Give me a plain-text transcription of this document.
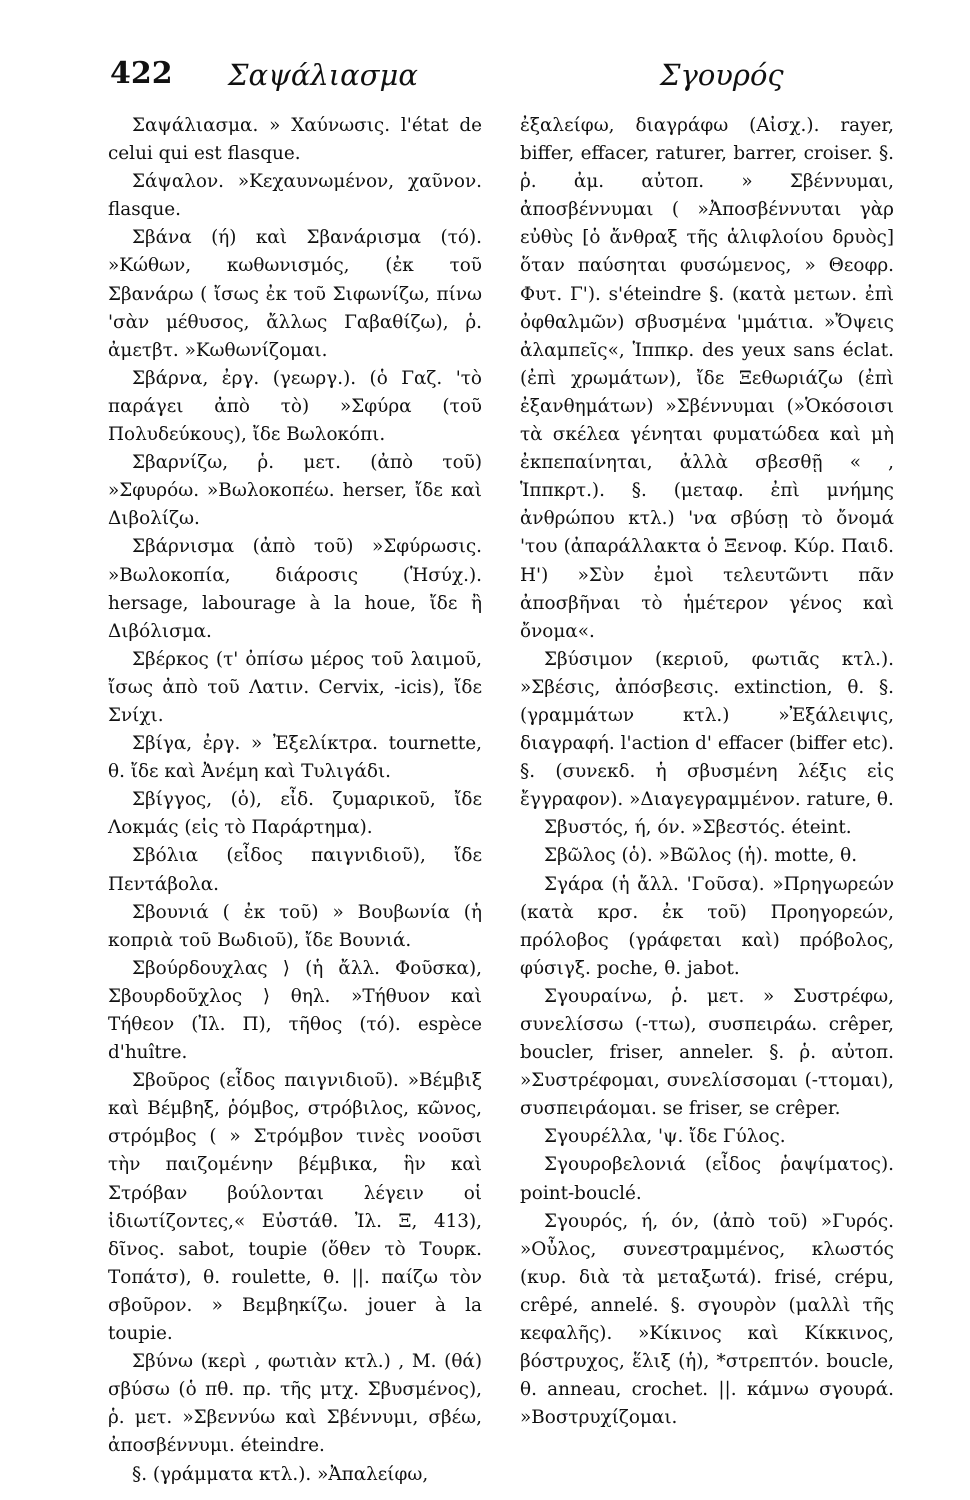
422 Σαψάλιασμα	Σγουρός

Σαψάλιασμα. » Χαύνωσις. l'état de celui qui est flasque.

Σάψαλον. »Κεχαυνωμένον, χαῦνον. flasque.

Σβάνα (ή) καὶ Σβανάρισμα (τό). »Κώθων, κωθωνισμός, (ἐκ τοῦ Σβανάρω ( ἴσως ἐκ τοῦ Σιφωνίζω, πίνω 'σὰν μέθυσος, ἄλλως Γαβαθίζω), ῥ. ἀμετβτ. »Κωθωνίζομαι.

Σβάρνα, ἐργ. (γεωργ.). (ὁ Γαζ. 'τὸ παράγει ἀπὸ τὸ) »Σφύρα (τοῦ Πολυδεύκους), ἴδε Βωλοκόπι.

Σβαρνίζω, ῥ. μετ. (ἀπὸ τοῦ) »Σφυρόω. »Βωλοκοπέω. herser, ἴδε καὶ Διβολίζω.

Σβάρνισμα (ἀπὸ τοῦ) »Σφύρωσις. »Βωλοκοπία, διάροσις (Ἡσύχ.). hersage, labourage à la houe, ἴδε ἢ Διβόλισμα.

Σβέρκος (τ' ὀπίσω μέρος τοῦ λαιμοῦ, ἴσως ἀπὸ τοῦ Λατιν. Cervix, -icis), ἴδε Σνίχι.

Σβίγα, ἐργ. » Ἐξελίκτρα. tournette, θ. ἴδε καὶ Ἀνέμη καὶ Τυλιγάδι.

Σβίγγος, (ὁ), εἶδ. ζυμαρικοῦ, ἴδε Λοκμάς (εἰς τὸ Παράρτημα).

Σβόλια (εἶδος παιγνιδιοῦ), ἴδε Πεντάβολα.

Σβουνιά ( ἐκ τοῦ) » Βουβωνία (ἡ κοπριὰ τοῦ Βωδιοῦ), ἴδε Βουνιά.

Σβούρδουχλας ⟩ (ἡ ἄλλ. Φοῦσκα), Σβουρδοῦχλος ⟩ θηλ. »Τήθυον καὶ Τήθεον (Ἰλ. Π), τῆθος (τό). espèce d'huître.

Σβοῦρος (εἶδος παιγνιδιοῦ). »Βέμβιξ καὶ Βέμβηξ, ῥόμβος, στρόβιλος, κῶνος, στρόμβος ( » Στρόμβον τινὲς νοοῦσι τὴν παιζομένην βέμβικα, ἣν καὶ Στρόβαν βούλονται λέγειν οἱ ἰδιωτίζοντες,« Εὐστάθ. Ἰλ. Ξ, 413), δῖνος. sabot, toupie (ὅθεν τὸ Τουρκ. Τοπάτσ), θ. roulette, θ. ||. παίζω τὸν σβοῦρον. » Βεμβηκίζω. jouer à la toupie.

Σβύνω (κερὶ , φωτιὰν κτλ.) , Μ. (θά) σβύσω (ὁ πθ. πρ. τῆς μτχ. Σβυσμένος), ῥ. μετ. »Σβεννύω καὶ Σβέννυμι, σβέω, ἀποσβέννυμι. éteindre.

§. (γράμματα κτλ.). »Ἀπαλείφω,

ἐξαλείφω, διαγράφω (Αἰσχ.). rayer, biffer, effacer, raturer, barrer, croiser. §. ῥ. ἀμ. αὐτοπ. » Σβέννυμαι, ἀποσβέννυμαι ( »Ἀποσβέννυται γὰρ εὐθὺς [ὁ ἄνθραξ τῆς ἁλιφλοίου δρυὸς] ὅταν παύσηται φυσώμενος, » Θεοφρ. Φυτ. Γ'). s'éteindre §. (κατὰ μετων. ἐπὶ ὀφθαλμῶν) σβυσμένα 'μμάτια. »Ὄψεις ἀλαμπεῖς«, Ἱππκρ. des yeux sans éclat. (ἐπὶ χρωμάτων), ἴδε Ξεθωριάζω (ἐπὶ ἐξανθημάτων) »Σβέννυμαι (»Ὁκόσοισι τὰ σκέλεα γένηται φυματώδεα καὶ μὴ ἐκπεπαίνηται, ἀλλὰ σβεσθῇ « , Ἱππκρτ.). §. (μεταφ. ἐπὶ μνήμης ἀνθρώπου κτλ.) 'να σβύσῃ τὸ ὄνομά 'του (ἀπαράλλακτα ὁ Ξενοφ. Κύρ. Παιδ. Η') »Σὺν ἐμοὶ τελευτῶντι πᾶν ἀποσβῆναι τὸ ἡμέτερον γένος καὶ ὄνομα«.

Σβύσιμον (κεριοῦ, φωτιᾶς κτλ.). »Σβέσις, ἀπόσβεσις. extinction, θ. §. (γραμμάτων κτλ.) »Ἐξάλειψις, διαγραφή. l'action d' effacer (biffer etc). §. (συνεκδ. ἡ σβυσμένη λέξις εἰς ἔγγραφον). »Διαγεγραμμένον. rature, θ.

Σβυστός, ή, όν. »Σβεστός. éteint.

Σβῶλος (ὁ). »Βῶλος (ἡ). motte, θ.

Σγάρα (ἡ ἄλλ. 'Γοῦσα). »Πρηγωρεών (κατὰ κρσ. ἐκ τοῦ) Προηγορεών, πρόλοβος (γράφεται καὶ) πρόβολος, φύσιγξ. poche, θ. jabot.

Σγουραίνω, ῥ. μετ. » Συστρέφω, συνελίσσω (-ττω), συσπειράω. crêper, boucler, friser, anneler. §. ῥ. αὐτοπ. »Συστρέφομαι, συνελίσσομαι (-ττομαι), συσπειράομαι. se friser, se crêper.

Σγουρέλλα, 'ψ. ἴδε Γύλος.

Σγουροβελονιά (εἶδος ῥαψίματος). point-bouclé.

Σγουρός, ή, όν, (ἀπὸ τοῦ) »Γυρός. »Οὖλος, συνεστραμμένος, κλωστός (κυρ. διὰ τὰ μεταξωτά). frisé, crépu, crêpé, annelé. §. σγουρὸν (μαλλὶ τῆς κεφαλῆς). »Κίκινος καὶ Κίκκινος, βόστρυχος, ἕλιξ (ἡ), *στρεπτόν. boucle, θ. anneau, crochet. ||. κάμνω σγουρά. »Βοστρυχίζομαι.
